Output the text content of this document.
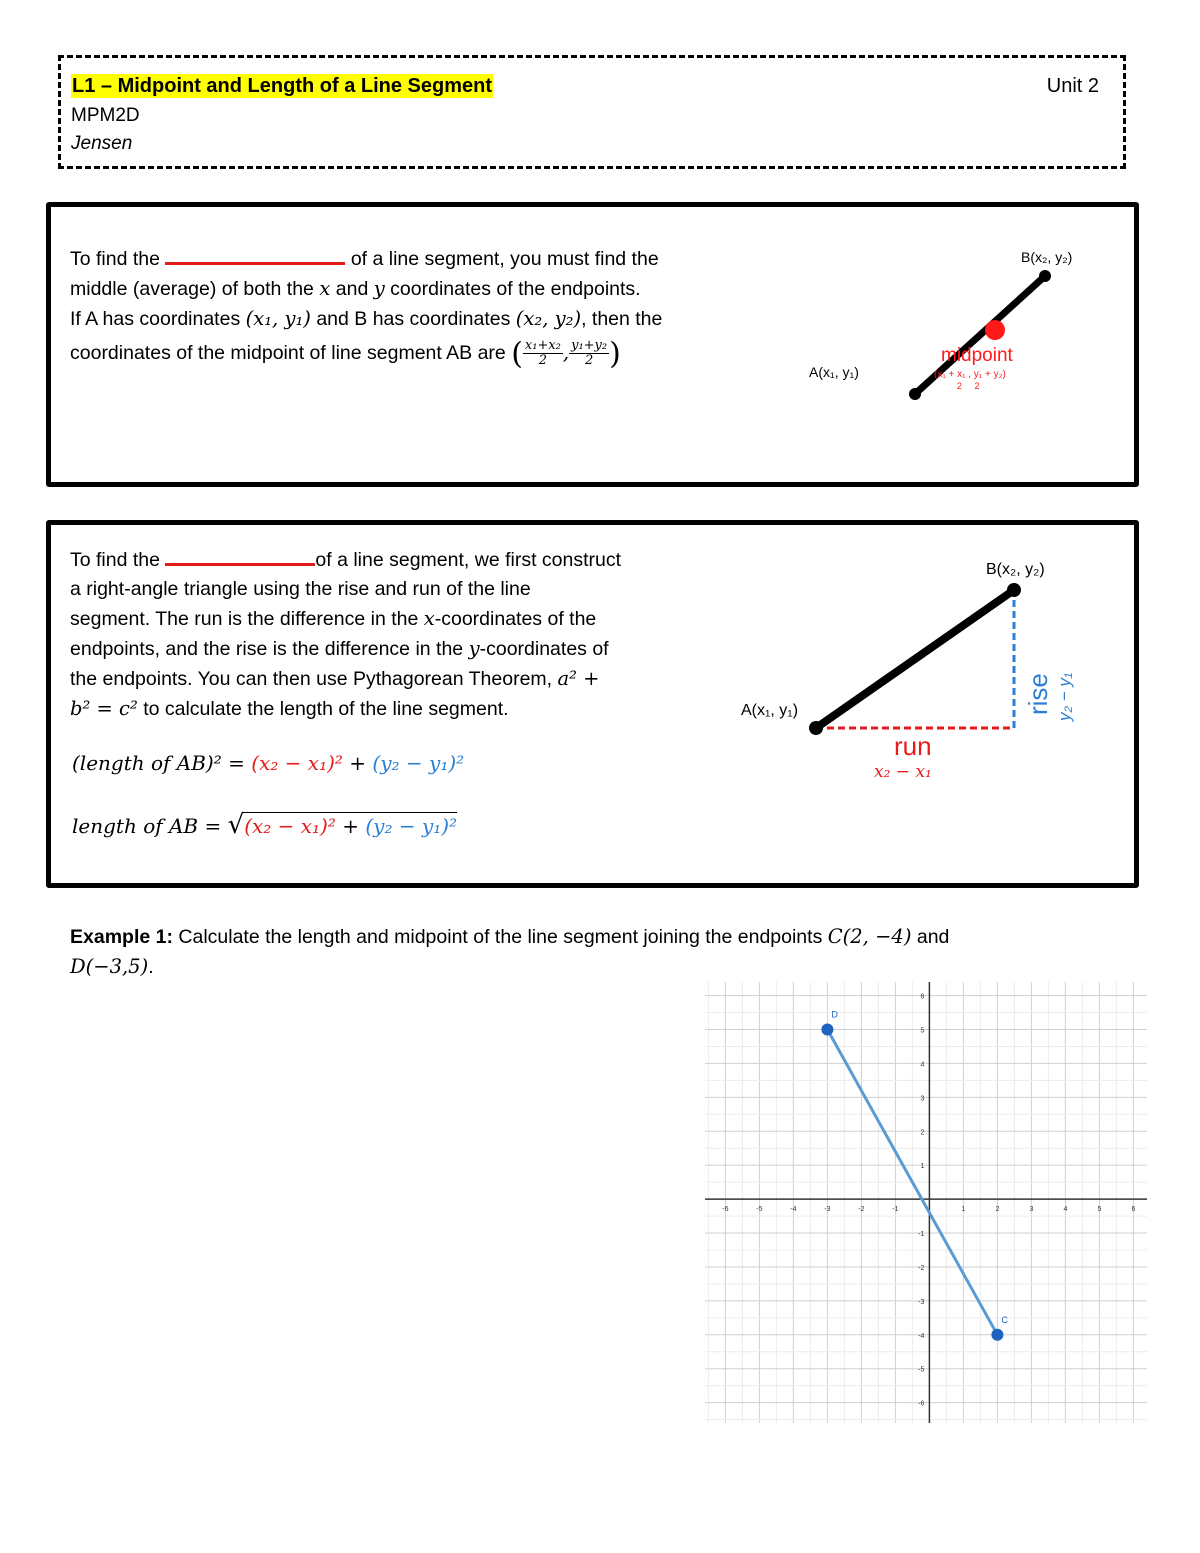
L1 – Midpoint and Length of a Line Segment	Unit 2
MPM2D
Jensen
To find the	of a line segment, you must find the
middle (average) of both the x and y coordinates of the endpoints.
If A has coordinates (x₁, y₁) and B has coordinates (x₂, y₂), then the
coordinates of the midpoint of line segment AB are ( $\frac{\text{x₁+x₂}}{2}$ , $\frac{\text{y₁+y₂}}{2}$ )
B(x₂, y₂)
A(x₁, y₁)
midpoint
(x₁ + x₁ , y₁ + y₂)
2     2
To find the	of a line segment, we first construct
a right-angle triangle using the rise and run of the line
segment. The run is the difference in the x-coordinates of the
endpoints, and the rise is the difference in the y-coordinates of
the endpoints. You can then use Pythagorean Theorem, a² +
b² = c² to calculate the length of the line segment.
(length of AB)² = (x₂ − x₁)² + (y₂ − y₁)²
length of AB = √(x₂ − x₁)² + (y₂ − y₁)²
B(x₂, y₂)
A(x₁, y₁)
run
x₂ − x₁
rise y₂ − y₁
Example 1: Calculate the length and midpoint of the line segment joining the endpoints C(2, −4) and
D(−3,5).
-6	-5	-4	-3	-2	-1	1	2	3	4	5	6
6
5
4
3
2
1
-1
-2
-3
-4
-5
-6
D
C
